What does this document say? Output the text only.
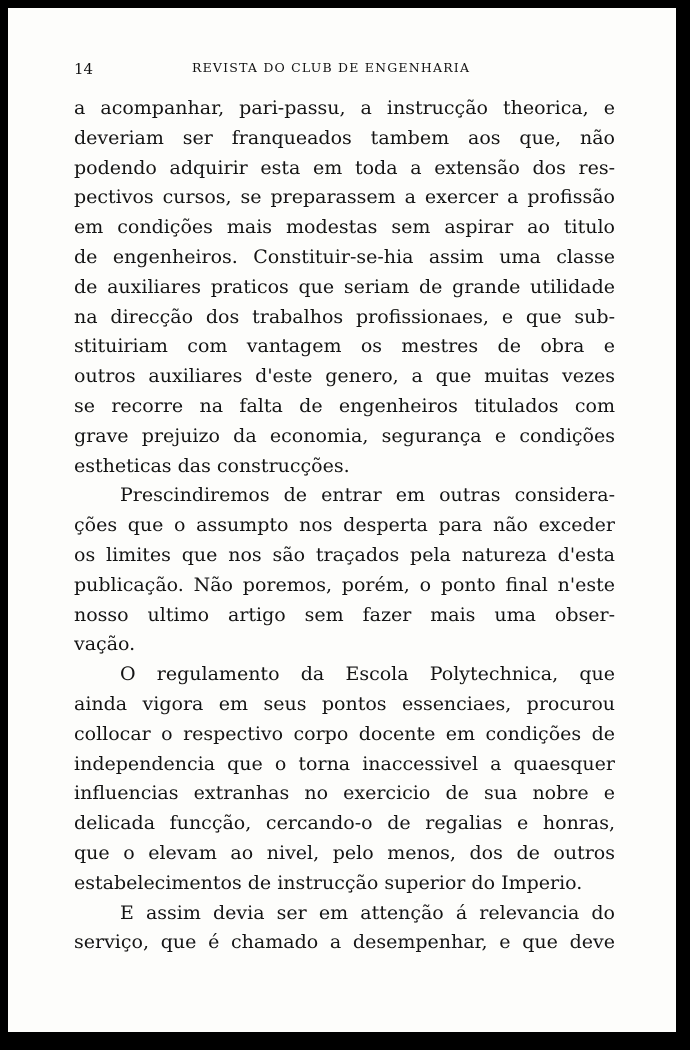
14	REVISTA DO CLUB DE ENGENHARIA
a acompanhar, pari-passu, a instrucção theorica, e
deveriam ser franqueados tambem aos que, não
podendo adquirir esta em toda a extensão dos res-
pectivos cursos, se preparassem a exercer a profissão
em condições mais modestas sem aspirar ao titulo
de engenheiros. Constituir-se-hia assim uma classe
de auxiliares praticos que seriam de grande utilidade
na direcção dos trabalhos profissionaes, e que sub-
stituiriam com vantagem os mestres de obra e
outros auxiliares d'este genero, a que muitas vezes
se recorre na falta de engenheiros titulados com
grave prejuizo da economia, segurança e condições
estheticas das construcções.
Prescindiremos de entrar em outras considera-
ções que o assumpto nos desperta para não exceder
os limites que nos são traçados pela natureza d'esta
publicação. Não poremos, porém, o ponto final n'este
nosso ultimo artigo sem fazer mais uma obser-
vação.
O regulamento da Escola Polytechnica, que
ainda vigora em seus pontos essenciaes, procurou
collocar o respectivo corpo docente em condições de
independencia que o torna inaccessivel a quaesquer
influencias extranhas no exercicio de sua nobre e
delicada funcção, cercando-o de regalias e honras,
que o elevam ao nivel, pelo menos, dos de outros
estabelecimentos de instrucção superior do Imperio.
E assim devia ser em attenção á relevancia do
serviço, que é chamado a desempenhar, e que deve
